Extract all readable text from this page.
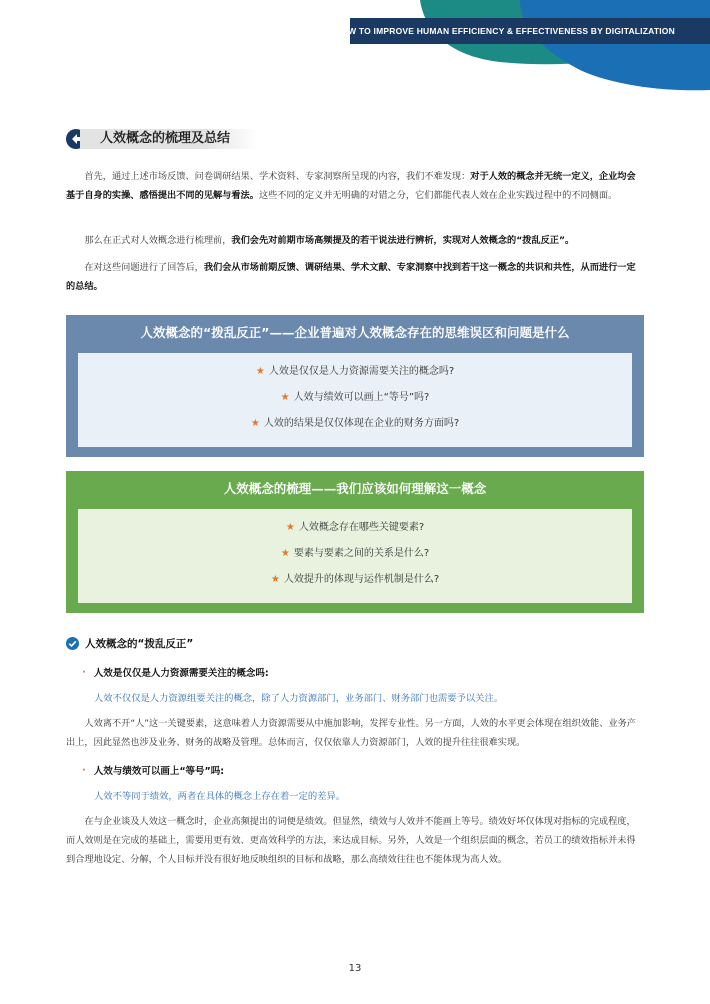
HOW TO IMPROVE HUMAN EFFICIENCY & EFFECTIVENESS BY DIGITALIZATION
人效概念的梳理及总结

首先，通过上述市场反馈、问卷调研结果、学术资料、专家洞察所呈现的内容，我们不难发现：对于人效的概念并无统一定义，企业均会基于自身的实操、感悟提出不同的见解与看法。这些不同的定义并无明确的对错之分，它们都能代表人效在企业实践过程中的不同侧面。

那么在正式对人效概念进行梳理前，我们会先对前期市场高频提及的若干说法进行辨析，实现对人效概念的“拨乱反正”。

在对这些问题进行了回答后，我们会从市场前期反馈、调研结果、学术文献、专家洞察中找到若干这一概念的共识和共性，从而进行一定的总结。

人效概念的“拨乱反正”——企业普遍对人效概念存在的思维误区和问题是什么
★ 人效是仅仅是人力资源需要关注的概念吗?
★ 人效与绩效可以画上“等号”吗?
★ 人效的结果是仅仅体现在企业的财务方面吗?
人效概念的梳理——我们应该如何理解这一概念
★ 人效概念存在哪些关键要素?
★ 要素与要素之间的关系是什么?
★ 人效提升的体现与运作机制是什么?
人效概念的“拨乱反正”
· 人效是仅仅是人力资源需要关注的概念吗:
人效不仅仅是人力资源组要关注的概念，除了人力资源部门，业务部门、财务部门也需要予以关注。

人效离不开“人”这一关键要素，这意味着人力资源需要从中施加影响，发挥专业性。另一方面，人效的水平更会体现在组织效能、业务产出上，因此显然也涉及业务、财务的战略及管理。总体而言，仅仅依靠人力资源部门，人效的提升往往很难实现。

· 人效与绩效可以画上“等号”吗:
人效不等同于绩效，两者在具体的概念上存在着一定的差异。

在与企业谈及人效这一概念时，企业高频提出的词便是绩效。但显然，绩效与人效并不能画上等号。绩效好坏仅体现对指标的完成程度，而人效则是在完成的基础上，需要用更有效、更高效科学的方法，来达成目标。另外，人效是一个组织层面的概念，若员工的绩效指标并未得到合理地设定、分解，个人目标并没有很好地反映组织的目标和战略，那么高绩效往往也不能体现为高人效。

13
